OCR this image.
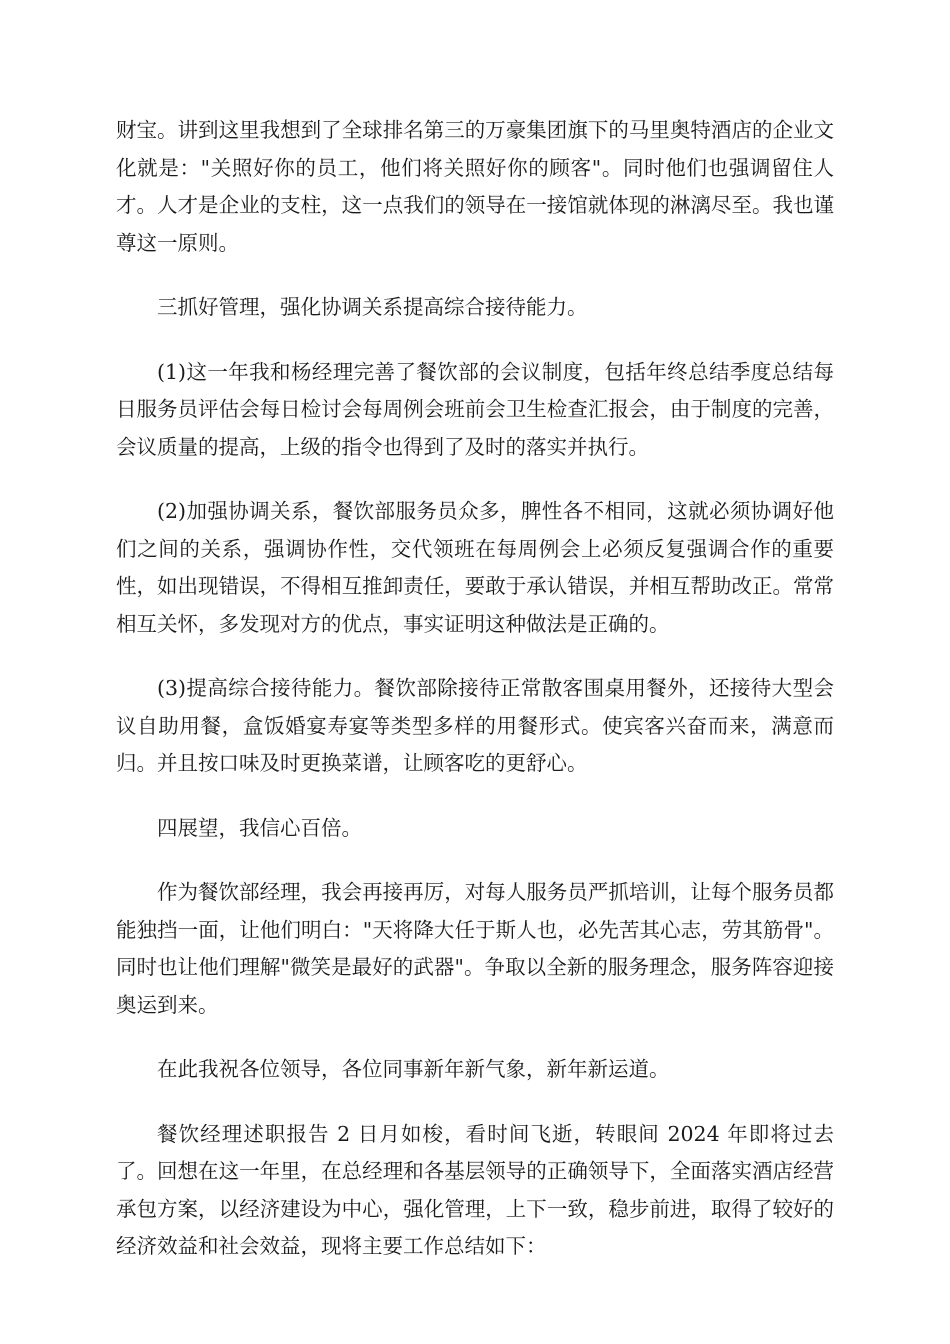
财宝。讲到这里我想到了全球排名第三的万豪集团旗下的马里奥特酒店的企业文化就是："关照好你的员工，他们将关照好你的顾客"。同时他们也强调留住人才。人才是企业的支柱，这一点我们的领导在一接馆就体现的淋漓尽至。我也谨尊这一原则。

三抓好管理，强化协调关系提高综合接待能力。

(1)这一年我和杨经理完善了餐饮部的会议制度，包括年终总结季度总结每日服务员评估会每日检讨会每周例会班前会卫生检查汇报会，由于制度的完善，会议质量的提高，上级的指令也得到了及时的落实并执行。

(2)加强协调关系，餐饮部服务员众多，脾性各不相同，这就必须协调好他们之间的关系，强调协作性，交代领班在每周例会上必须反复强调合作的重要性，如出现错误，不得相互推卸责任，要敢于承认错误，并相互帮助改正。常常相互关怀，多发现对方的优点，事实证明这种做法是正确的。

(3)提高综合接待能力。餐饮部除接待正常散客围桌用餐外，还接待大型会议自助用餐，盒饭婚宴寿宴等类型多样的用餐形式。使宾客兴奋而来，满意而归。并且按口味及时更换菜谱，让顾客吃的更舒心。

四展望，我信心百倍。

作为餐饮部经理，我会再接再厉，对每人服务员严抓培训，让每个服务员都能独挡一面，让他们明白："天将降大任于斯人也，必先苦其心志，劳其筋骨"。同时也让他们理解"微笑是最好的武器"。争取以全新的服务理念，服务阵容迎接奥运到来。

在此我祝各位领导，各位同事新年新气象，新年新运道。

餐饮经理述职报告 2 日月如梭，看时间飞逝，转眼间 2024 年即将过去了。回想在这一年里，在总经理和各基层领导的正确领导下，全面落实酒店经营承包方案，以经济建设为中心，强化管理，上下一致，稳步前进，取得了较好的经济效益和社会效益，现将主要工作总结如下：
